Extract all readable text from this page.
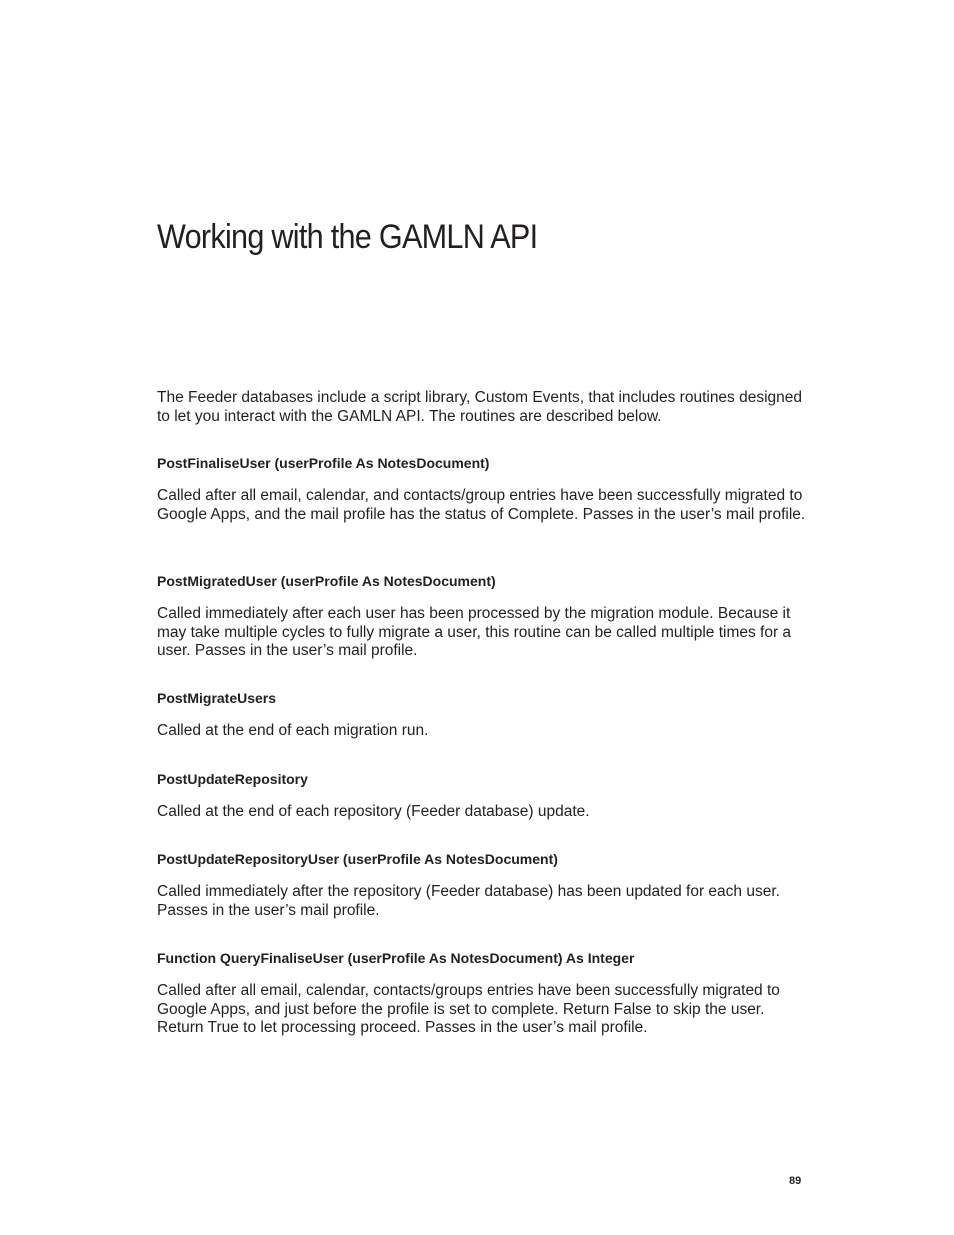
Working with the GAMLN API

The Feeder databases include a script library, Custom Events, that includes routines designed to let you interact with the GAMLN API. The routines are described below.

PostFinaliseUser (userProfile As NotesDocument)

Called after all email, calendar, and contacts/group entries have been successfully migrated to Google Apps, and the mail profile has the status of Complete. Passes in the user’s mail profile.

PostMigratedUser (userProfile As NotesDocument)

Called immediately after each user has been processed by the migration module. Because it may take multiple cycles to fully migrate a user, this routine can be called multiple times for a user. Passes in the user’s mail profile.

PostMigrateUsers

Called at the end of each migration run.

PostUpdateRepository

Called at the end of each repository (Feeder database) update.

PostUpdateRepositoryUser (userProfile As NotesDocument)

Called immediately after the repository (Feeder database) has been updated for each user. Passes in the user’s mail profile.

Function QueryFinaliseUser (userProfile As NotesDocument) As Integer

Called after all email, calendar, contacts/groups entries have been successfully migrated to Google Apps, and just before the profile is set to complete. Return False to skip the user. Return True to let processing proceed. Passes in the user’s mail profile.

89
